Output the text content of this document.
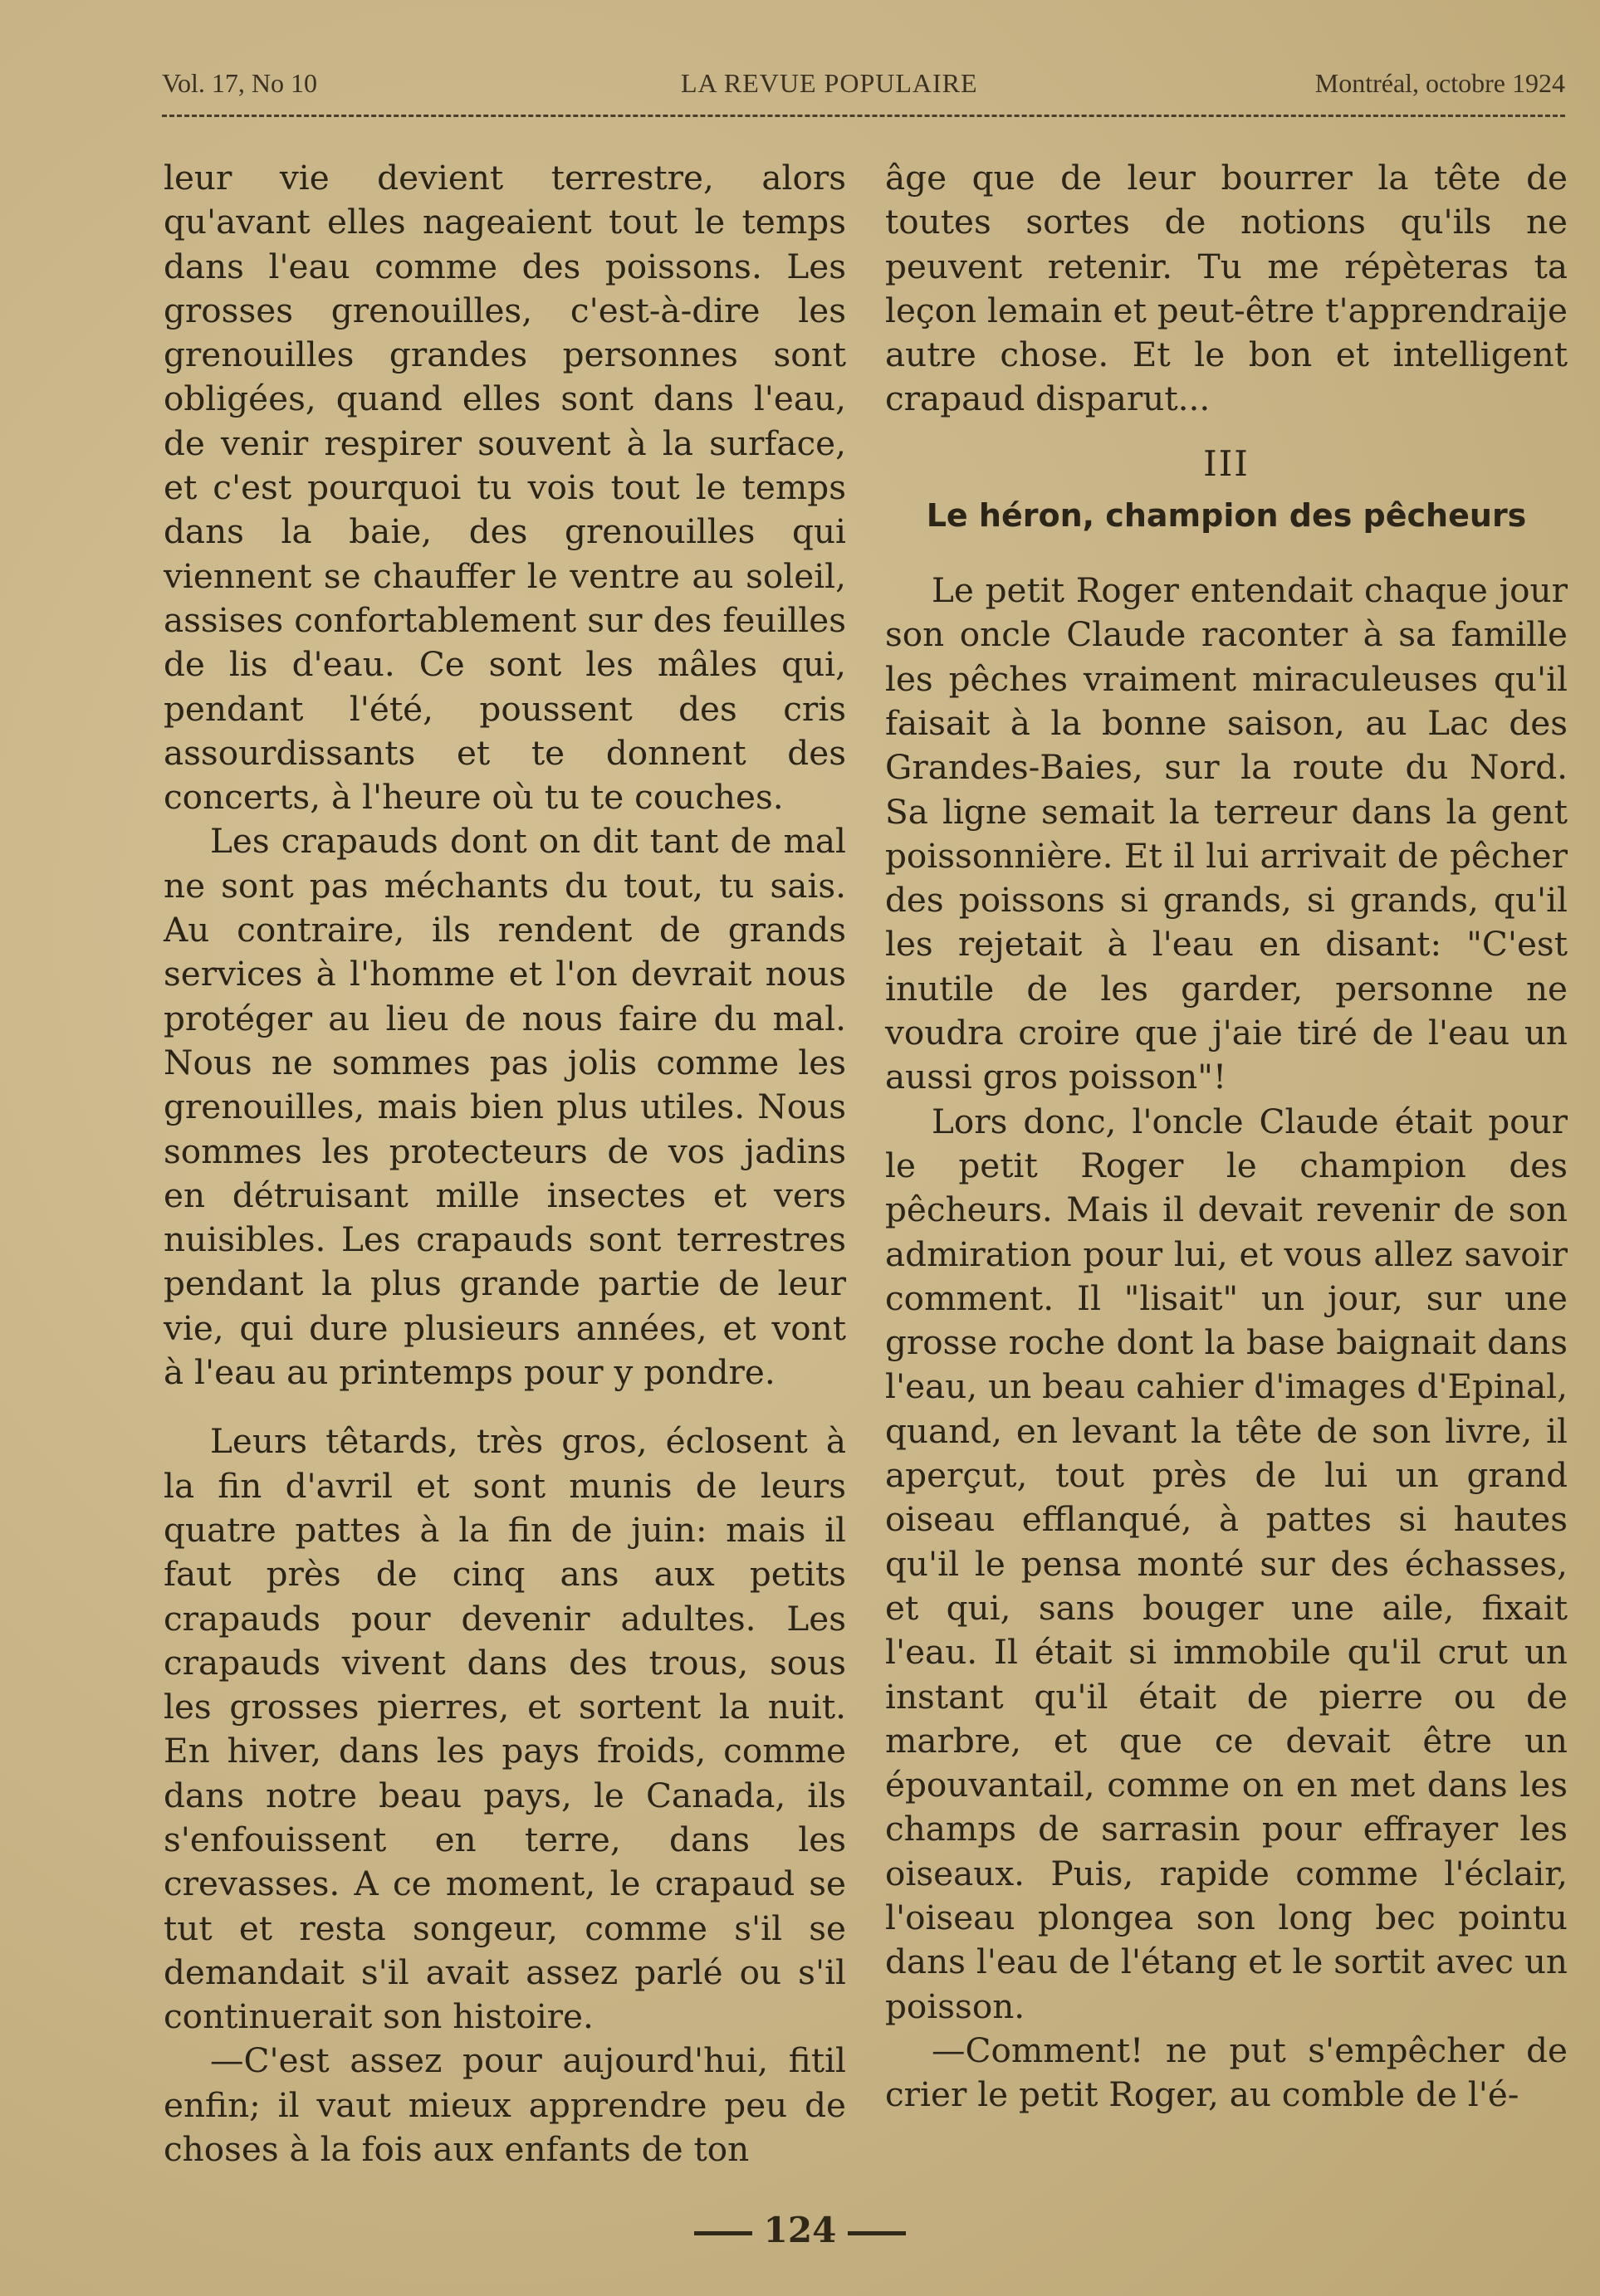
Vol. 17, No 10	LA REVUE POPULAIRE	Montréal, octobre 1924

leur vie devient terrestre, alors qu'avant elles nageaient tout le temps dans l'eau comme des poissons. Les grosses grenouilles, c'est-à-dire les grenouilles grandes personnes sont obligées, quand elles sont dans l'eau, de venir respirer souvent à la surface, et c'est pourquoi tu vois tout le temps dans la baie, des grenouilles qui viennent se chauffer le ventre au soleil, assises confortablement sur des feuilles de lis d'eau. Ce sont les mâles qui, pendant l'été, poussent des cris assourdissants et te donnent des concerts, à l'heure où tu te couches.

Les crapauds dont on dit tant de mal ne sont pas méchants du tout, tu sais. Au contraire, ils rendent de grands services à l'homme et l'on devrait nous protéger au lieu de nous faire du mal. Nous ne sommes pas jolis comme les grenouilles, mais bien plus utiles. Nous sommes les protecteurs de vos jadins en détruisant mille insectes et vers nuisibles. Les crapauds sont terrestres pendant la plus grande partie de leur vie, qui dure plusieurs années, et vont à l'eau au printemps pour y pondre.

Leurs têtards, très gros, éclosent à la fin d'avril et sont munis de leurs quatre pattes à la fin de juin: mais il faut près de cinq ans aux petits crapauds pour devenir adultes. Les crapauds vivent dans des trous, sous les grosses pierres, et sortent la nuit. En hiver, dans les pays froids, comme dans notre beau pays, le Canada, ils s'enfouissent en terre, dans les crevasses. A ce moment, le crapaud se tut et resta songeur, comme s'il se demandait s'il avait assez parlé ou s'il continuerait son histoire.

—C'est assez pour aujourd'hui, fitil enfin; il vaut mieux apprendre peu de choses à la fois aux enfants de ton

âge que de leur bourrer la tête de toutes sortes de notions qu'ils ne peuvent retenir. Tu me répèteras ta leçon lemain et peut-être t'apprendraije autre chose. Et le bon et intelligent crapaud disparut...

III
Le héron, champion des pêcheurs

Le petit Roger entendait chaque jour son oncle Claude raconter à sa famille les pêches vraiment miraculeuses qu'il faisait à la bonne saison, au Lac des Grandes-Baies, sur la route du Nord. Sa ligne semait la terreur dans la gent poissonnière. Et il lui arrivait de pêcher des poissons si grands, si grands, qu'il les rejetait à l'eau en disant: "C'est inutile de les garder, personne ne voudra croire que j'aie tiré de l'eau un aussi gros poisson"!

Lors donc, l'oncle Claude était pour le petit Roger le champion des pêcheurs. Mais il devait revenir de son admiration pour lui, et vous allez savoir comment. Il "lisait" un jour, sur une grosse roche dont la base baignait dans l'eau, un beau cahier d'images d'Epinal, quand, en levant la tête de son livre, il aperçut, tout près de lui un grand oiseau efflanqué, à pattes si hautes qu'il le pensa monté sur des échasses, et qui, sans bouger une aile, fixait l'eau. Il était si immobile qu'il crut un instant qu'il était de pierre ou de marbre, et que ce devait être un épouvantail, comme on en met dans les champs de sarrasin pour effrayer les oiseaux. Puis, rapide comme l'éclair, l'oiseau plongea son long bec pointu dans l'eau de l'étang et le sortit avec un poisson.

—Comment! ne put s'empêcher de crier le petit Roger, au comble de l'é-

124
